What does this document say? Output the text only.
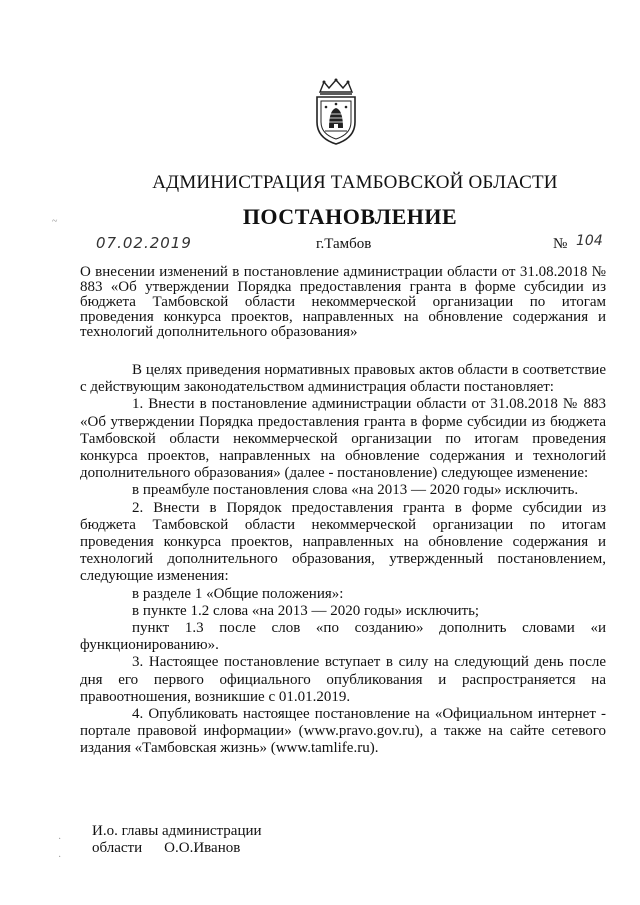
АДМИНИСТРАЦИЯ ТАМБОВСКОЙ ОБЛАСТИ
ПОСТАНОВЛЕНИЕ
07.02.2019	г.Тамбов	№ 104
О внесении изменений в постановление администрации области от 31.08.2018 № 883 «Об утверждении Порядка предоставления гранта в форме субсидии из бюджета Тамбовской области некоммерческой организации по итогам проведения конкурса проектов, направленных на обновление содержания и технологий дополнительного образования»

В целях приведения нормативных правовых актов области в соответствие с действующим законодательством администрация области постановляет:

1. Внести в постановление администрации области от 31.08.2018 № 883 «Об утверждении Порядка предоставления гранта в форме субсидии из бюджета Тамбовской области некоммерческой организации по итогам проведения конкурса проектов, направленных на обновление содержания и технологий дополнительного образования» (далее - постановление) следующее изменение:

в преамбуле постановления слова «на 2013 — 2020 годы» исключить.

2. Внести в Порядок предоставления гранта в форме субсидии из бюджета Тамбовской области некоммерческой организации по итогам проведения конкурса проектов, направленных на обновление содержания и технологий дополнительного образования, утвержденный постановлением, следующие изменения:

в разделе 1 «Общие положения»:

в пункте 1.2 слова «на 2013 — 2020 годы» исключить;

пункт 1.3 после слов «по созданию» дополнить словами «и функционированию».

3. Настоящее постановление вступает в силу на следующий день после дня его первого официального опубликования и распространяется на правоотношения, возникшие с 01.01.2019.

4. Опубликовать настоящее постановление на «Официальном интернет - портале правовой информации» (www.pravo.gov.ru), а также на сайте сетевого издания «Тамбовская жизнь» (www.tamlife.ru).

И.о. главы администрации
области О.О.Иванов
~
·
·
